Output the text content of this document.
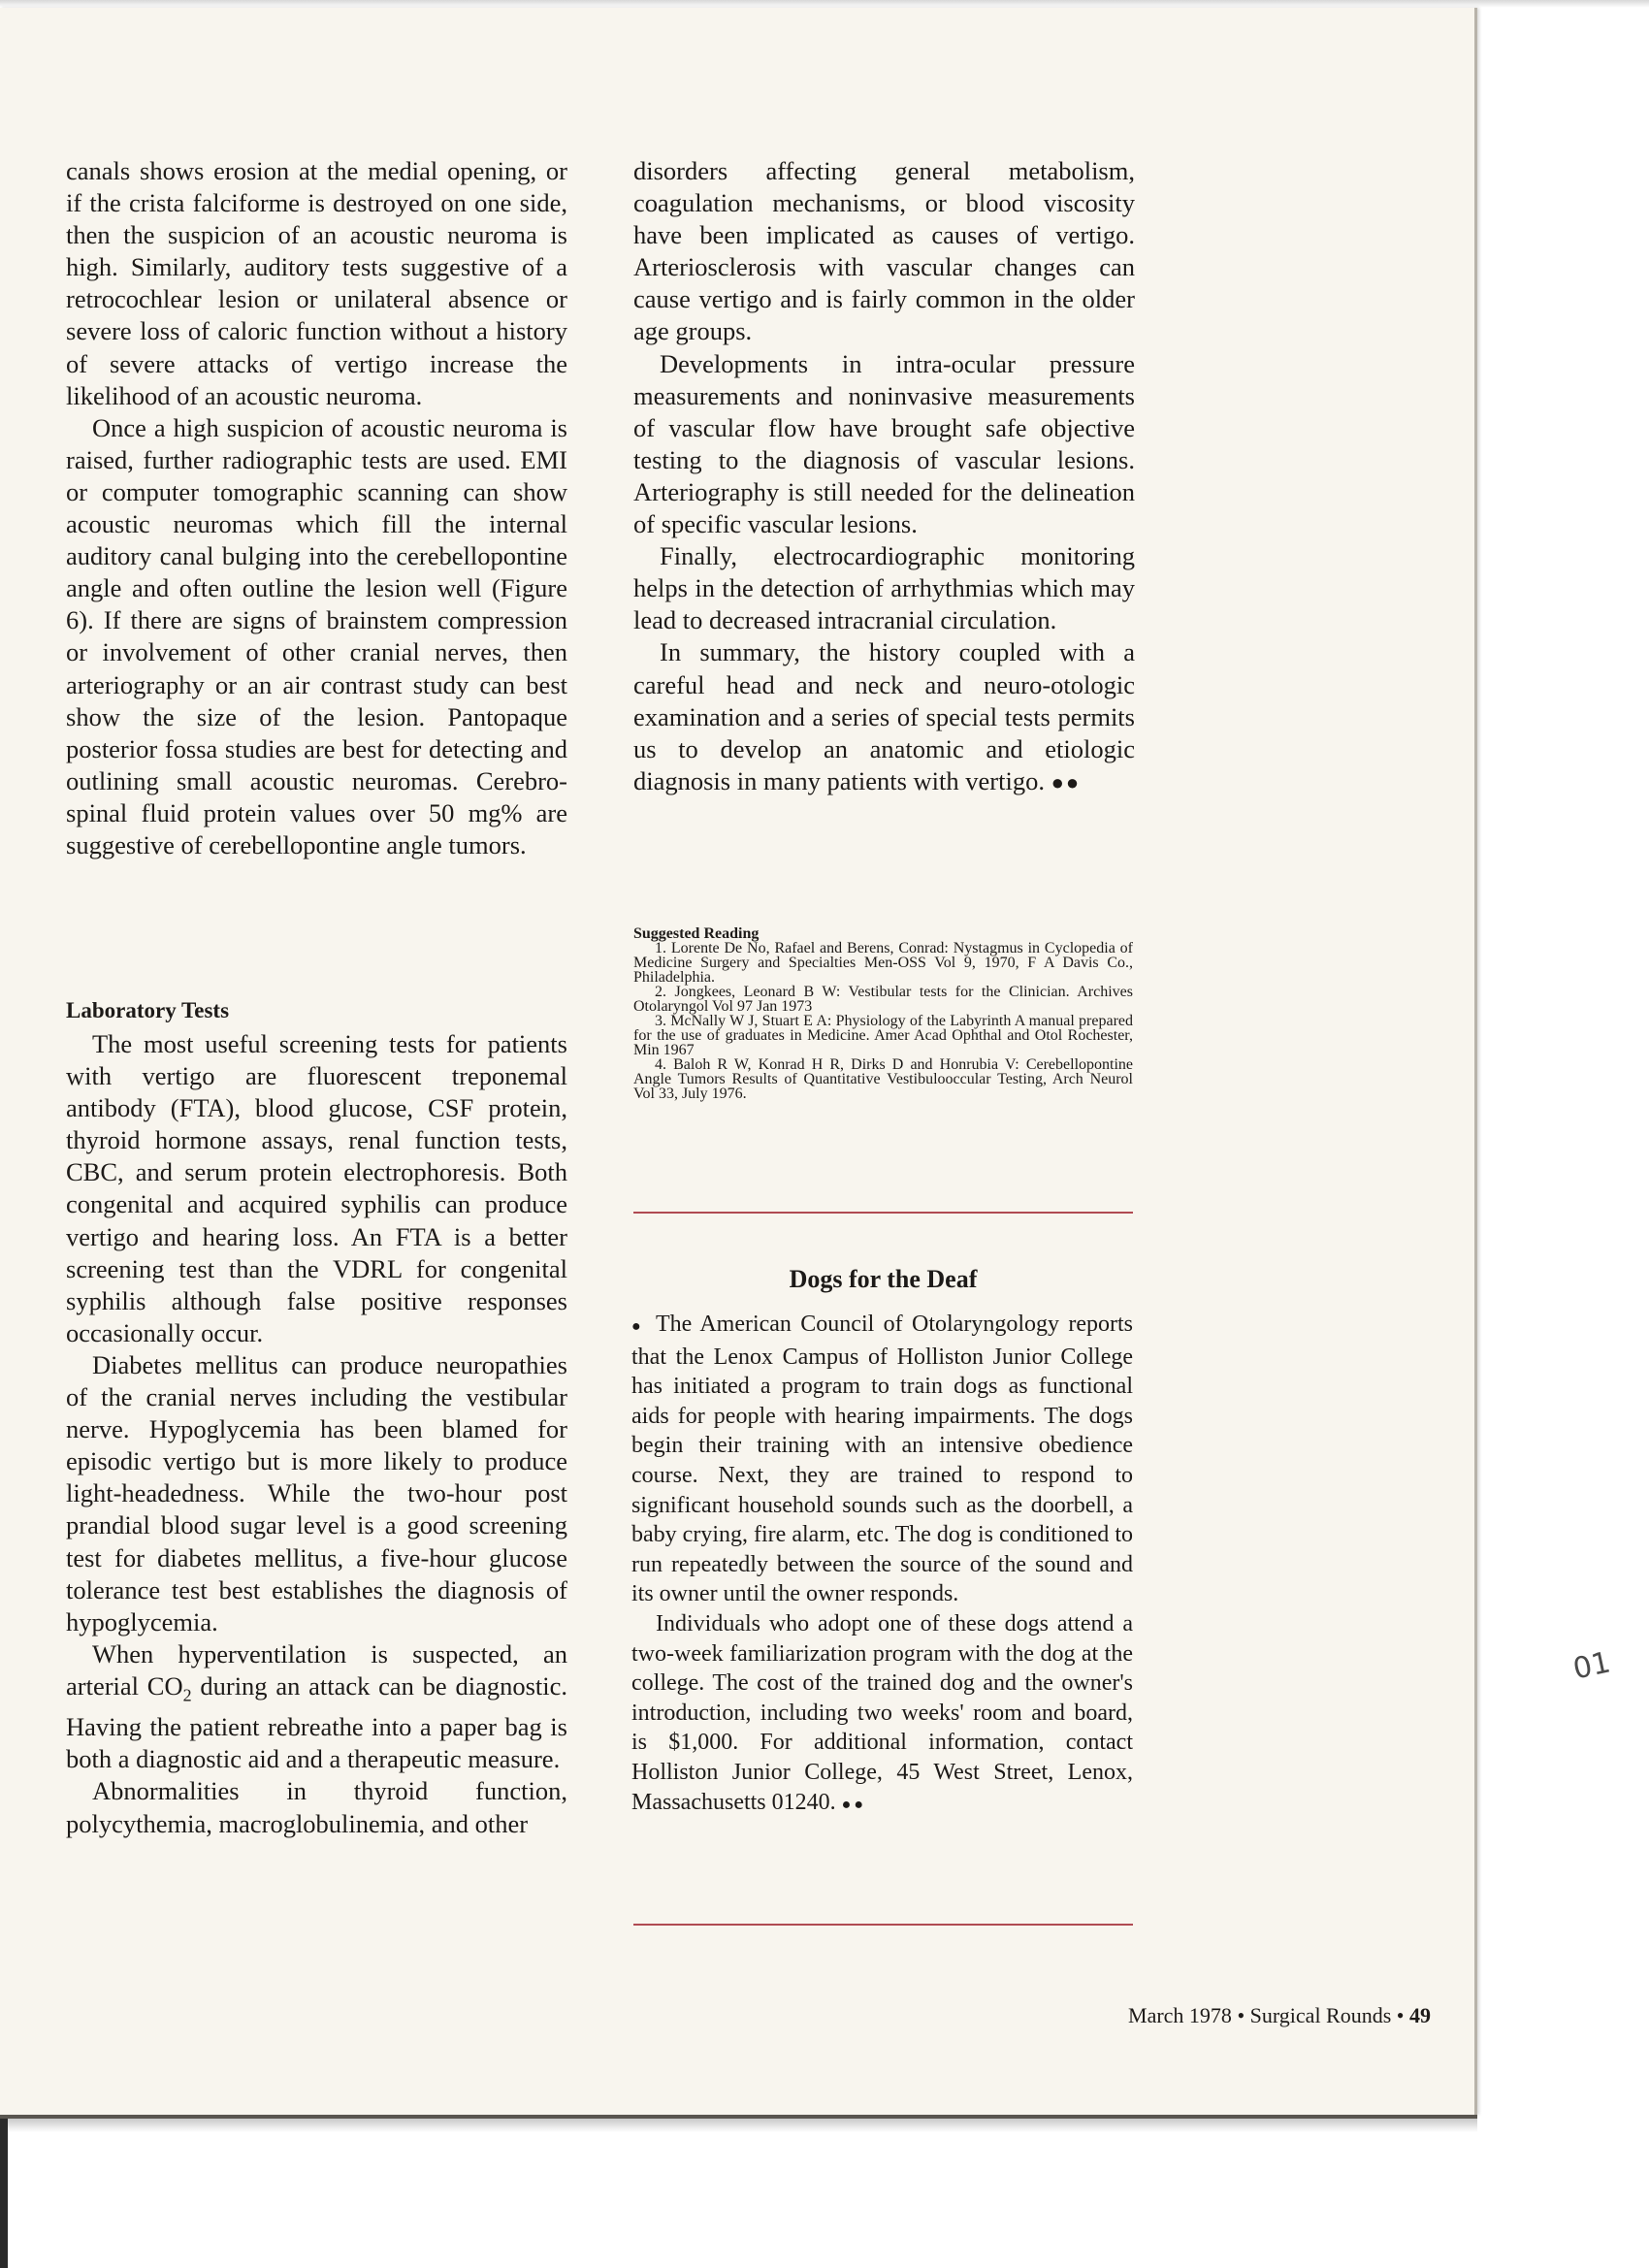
canals shows erosion at the medial opening, or if the crista falciforme is destroyed on one side, then the suspicion of an acoustic neuroma is high. Similarly, auditory tests suggestive of a retrocochlear lesion or unilateral absence or severe loss of caloric function without a history of severe attacks of vertigo increase the likelihood of an acoustic neuroma.

Once a high suspicion of acoustic neuroma is raised, further radiographic tests are used. EMI or computer tomographic scanning can show acoustic neuromas which fill the internal auditory canal bulging into the cerebellopontine angle and often outline the lesion well (Figure 6). If there are signs of brainstem compression or involvement of other cranial nerves, then arteriography or an air contrast study can best show the size of the lesion. Pantopaque posterior fossa studies are best for detecting and outlining small acoustic neuromas. Cerebro-spinal fluid protein values over 50 mg% are suggestive of cerebellopontine angle tumors.

Laboratory Tests

The most useful screening tests for patients with vertigo are fluorescent treponemal antibody (FTA), blood glucose, CSF protein, thyroid hormone assays, renal function tests, CBC, and serum protein electrophoresis. Both congenital and acquired syphilis can produce vertigo and hearing loss. An FTA is a better screening test than the VDRL for congenital syphilis although false positive responses occasionally occur.

Diabetes mellitus can produce neuropathies of the cranial nerves including the vestibular nerve. Hypoglycemia has been blamed for episodic vertigo but is more likely to produce light-headedness. While the two-hour post prandial blood sugar level is a good screening test for diabetes mellitus, a five-hour glucose tolerance test best establishes the diagnosis of hypoglycemia.

When hyperventilation is suspected, an arterial $CO_2$ during an attack can be diagnostic. Having the patient rebreathe into a paper bag is both a diagnostic aid and a therapeutic measure.

Abnormalities in thyroid function, polycythemia, macroglobulinemia, and other

disorders affecting general metabolism, coagulation mechanisms, or blood viscosity have been implicated as causes of vertigo. Arteriosclerosis with vascular changes can cause vertigo and is fairly common in the older age groups.

Developments in intra-ocular pressure measurements and noninvasive measurements of vascular flow have brought safe objective testing to the diagnosis of vascular lesions. Arteriography is still needed for the delineation of specific vascular lesions.

Finally, electrocardiographic monitoring helps in the detection of arrhythmias which may lead to decreased intracranial circulation.

In summary, the history coupled with a careful head and neck and neuro-otologic examination and a series of special tests permits us to develop an anatomic and etiologic diagnosis in many patients with vertigo. ●●

Suggested Reading

1. Lorente De No, Rafael and Berens, Conrad: Nystagmus in Cyclopedia of Medicine Surgery and Specialties Men-OSS Vol 9, 1970, F A Davis Co., Philadelphia.

2. Jongkees, Leonard B W: Vestibular tests for the Clinician. Archives Otolaryngol Vol 97 Jan 1973

3. McNally W J, Stuart E A: Physiology of the Labyrinth A manual prepared for the use of graduates in Medicine. Amer Acad Ophthal and Otol Rochester, Min 1967

4. Baloh R W, Konrad H R, Dirks D and Honrubia V: Cerebellopontine Angle Tumors Results of Quantitative Vestibulooccular Testing, Arch Neurol Vol 33, July 1976.

Dogs for the Deaf

● The American Council of Otolaryngology reports that the Lenox Campus of Holliston Junior College has initiated a program to train dogs as functional aids for people with hearing impairments. The dogs begin their training with an intensive obedience course. Next, they are trained to respond to significant household sounds such as the doorbell, a baby crying, fire alarm, etc. The dog is conditioned to run repeatedly between the source of the sound and its owner until the owner responds.

Individuals who adopt one of these dogs attend a two-week familiarization program with the dog at the college. The cost of the trained dog and the owner's introduction, including two weeks' room and board, is $1,000. For additional information, contact Holliston Junior College, 45 West Street, Lenox, Massachusetts 01240. ●●

March 1978 • Surgical Rounds • 49
01
